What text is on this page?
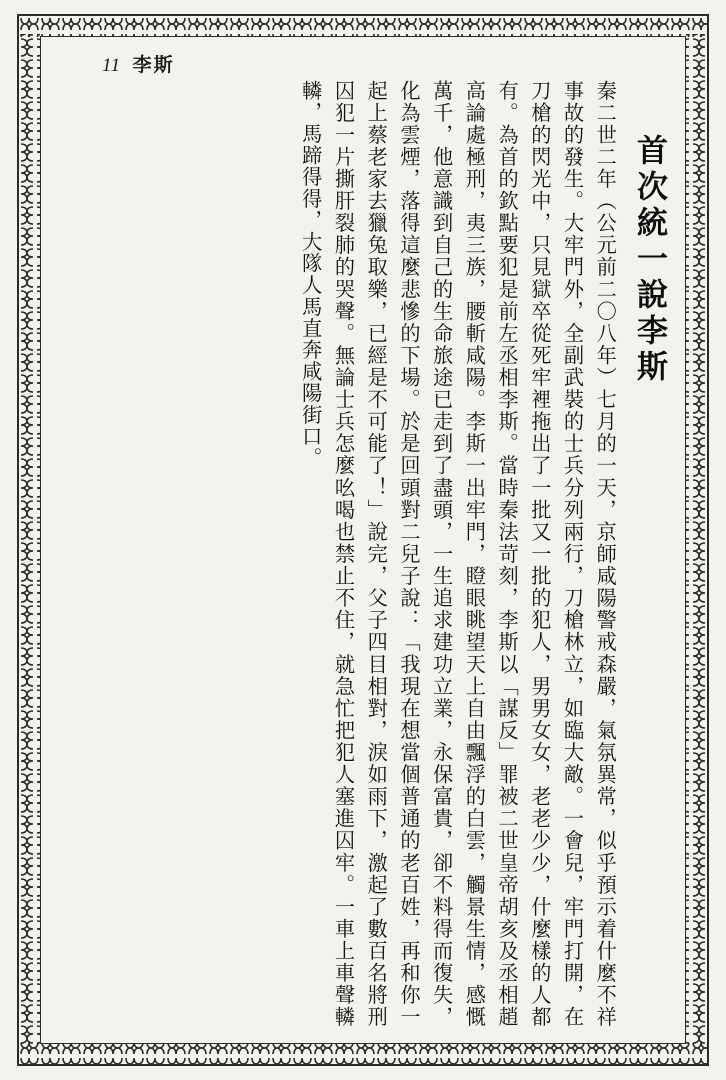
11 李斯
首次統一說李斯
秦二世二年（公元前二〇八年）七月的一天，京師咸陽警戒森嚴，氣氛異常，似乎預示着什麼不祥事故的發生。大牢門外，全副武裝的士兵分列兩行，刀槍林立，如臨大敵。一會兒，牢門打開，在刀槍的閃光中，只見獄卒從死牢裡拖出了一批又一批的犯人，男男女女，老老少少，什麼樣的人都有。為首的欽點要犯是前左丞相李斯。當時秦法苛刻，李斯以「謀反」罪被二世皇帝胡亥及丞相趙高論處極刑，夷三族，腰斬咸陽。李斯一出牢門，瞪眼眺望天上自由飄浮的白雲，觸景生情，感慨萬千，他意識到自己的生命旅途已走到了盡頭，一生追求建功立業，永保富貴，卻不料得而復失，化為雲煙，落得這麼悲慘的下場。於是回頭對二兒子說：「我現在想當個普通的老百姓，再和你一起上蔡老家去獵兔取樂，已經是不可能了！」說完，父子四目相對，淚如雨下，激起了數百名將刑囚犯一片撕肝裂肺的哭聲。無論士兵怎麼吆喝也禁止不住，就急忙把犯人塞進囚牢。一車上車聲轔轔，馬蹄得得，大隊人馬直奔咸陽街口。
